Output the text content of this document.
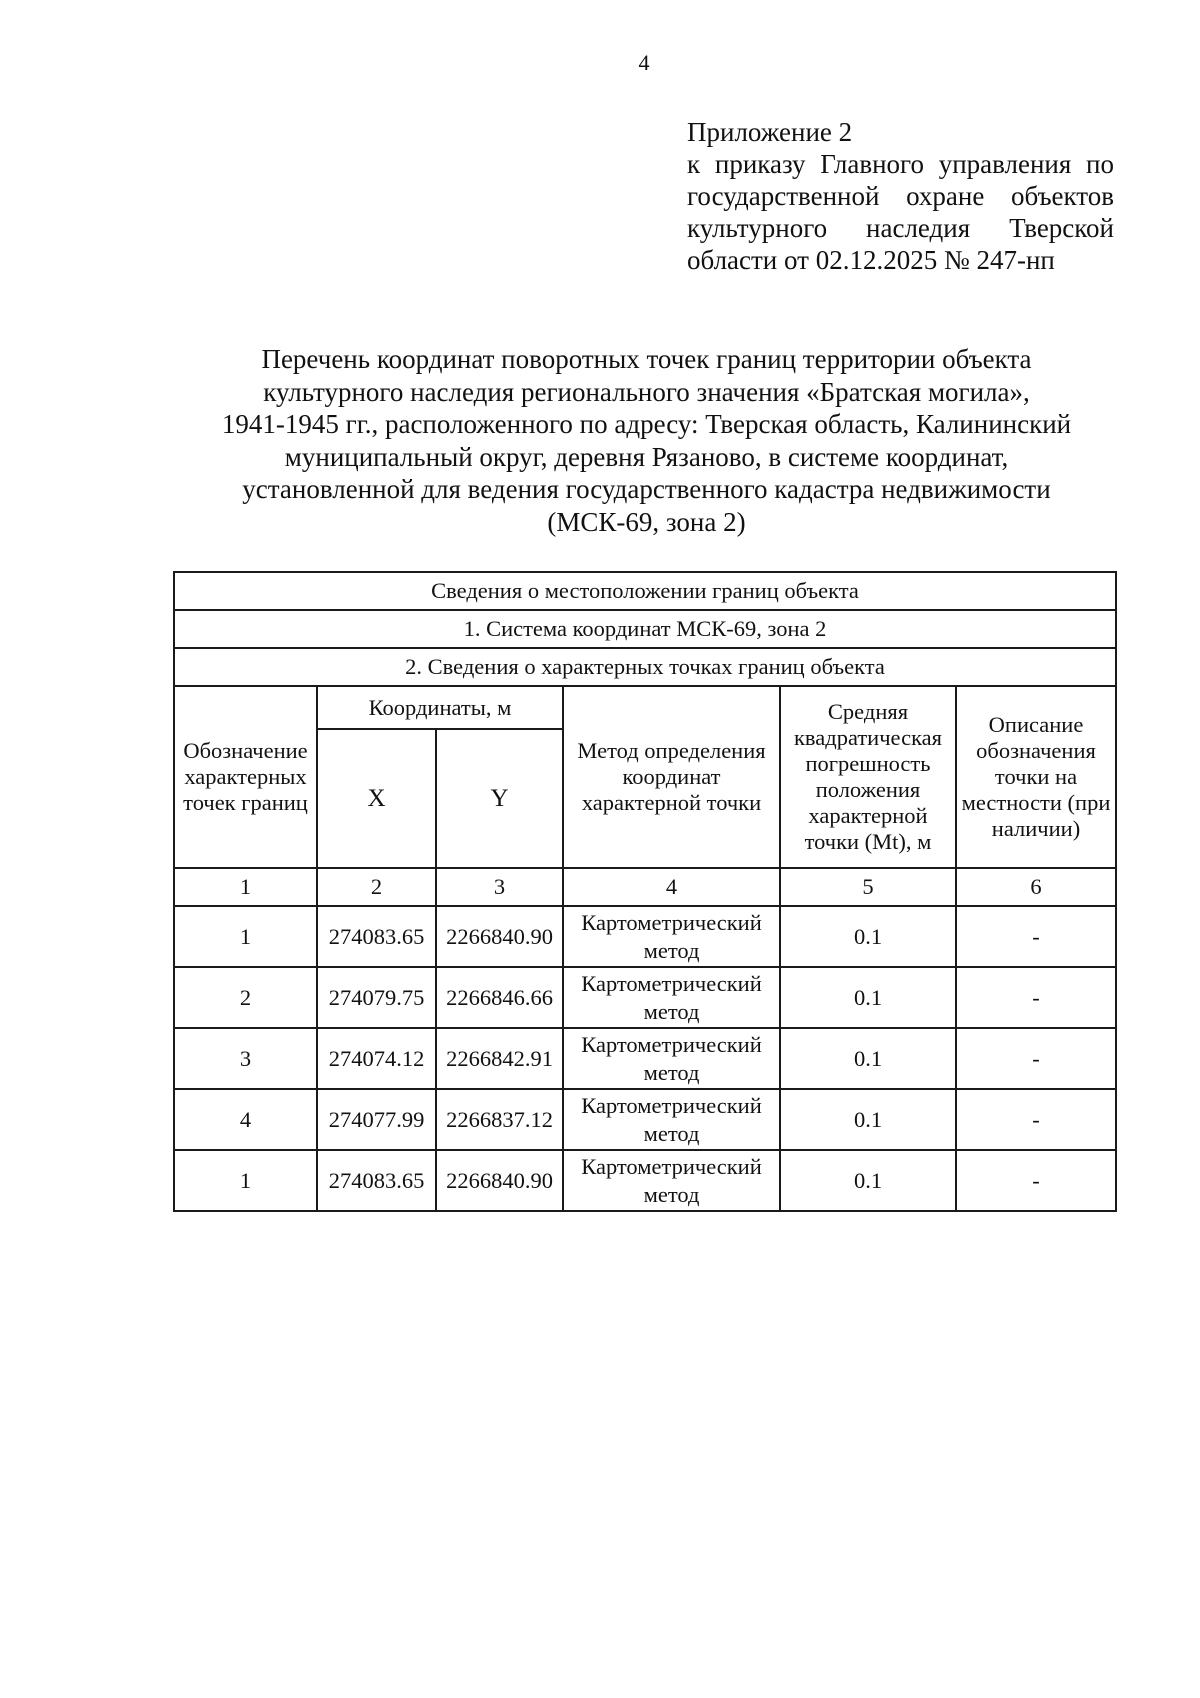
4
Приложение 2
к приказу Главного управления по государственной охране объектов культурного наследия Тверской области от 02.12.2025 № 247-нп
Перечень координат поворотных точек границ территории объекта
культурного наследия регионального значения «Братская могила»,
1941-1945 гг., расположенного по адресу: Тверская область, Калининский
муниципальный округ, деревня Рязаново, в системе координат,
установленной для ведения государственного кадастра недвижимости
(МСК-69, зона 2)
Сведения о местоположении границ объекта					
1. Система координат МСК-69, зона 2					
2. Сведения о характерных точках границ объекта					
Обозначение характерных точек границ	Координаты, м		Метод определения координат характерной точки	Средняя квадратическая погрешность положения характерной точки (Mt), м	Описание обозначения точки на местности (при наличии)
	X	Y			
1	2	3	4	5	6
1	274083.65	2266840.90	Картометрический метод	0.1	-
2	274079.75	2266846.66	Картометрический метод	0.1	-
3	274074.12	2266842.91	Картометрический метод	0.1	-
4	274077.99	2266837.12	Картометрический метод	0.1	-
1	274083.65	2266840.90	Картометрический метод	0.1	-
